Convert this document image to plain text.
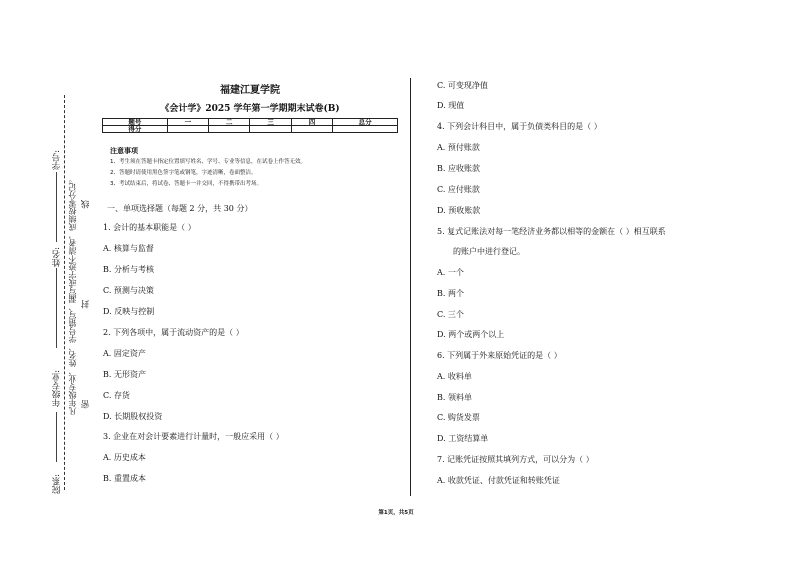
学号:
姓名:
年级专业:
院系:
凡年级专业、姓名、学号错写、漏写或字迹不清者，成绩按零分记。 线
封
密
福建江夏学院
《会计学》2025 学年第一学期期末试卷(B)
题号	一	二	三	四	总分
得分					
注意事项
1、考生须在答题卡指定位置填写姓名、学号、专业等信息，在试卷上作答无效。
2、答题时请使用黑色签字笔或钢笔，字迹清晰，卷面整洁。
3、考试结束后，将试卷、答题卡一并交回，不得携带出考场。
一、单项选择题（每题 2 分，共 30 分）
1. 会计的基本职能是（ ）
A. 核算与监督
B. 分析与考核
C. 预测与决策
D. 反映与控制
2. 下列各项中，属于流动资产的是（ ）
A. 固定资产
B. 无形资产
C. 存货
D. 长期股权投资
3. 企业在对会计要素进行计量时，一般应采用（ ）
A. 历史成本
B. 重置成本
C. 可变现净值
D. 现值
4. 下列会计科目中，属于负债类科目的是（ ）
A. 预付账款
B. 应收账款
C. 应付账款
D. 预收账款
5. 复式记账法对每一笔经济业务都以相等的金额在（ ）相互联系
的账户中进行登记。
A. 一个
B. 两个
C. 三个
D. 两个或两个以上
6. 下列属于外来原始凭证的是（ ）
A. 收料单
B. 领料单
C. 购货发票
D. 工资结算单
7. 记账凭证按照其填列方式，可以分为（ ）
A. 收款凭证、付款凭证和转账凭证
第1页，共5页
